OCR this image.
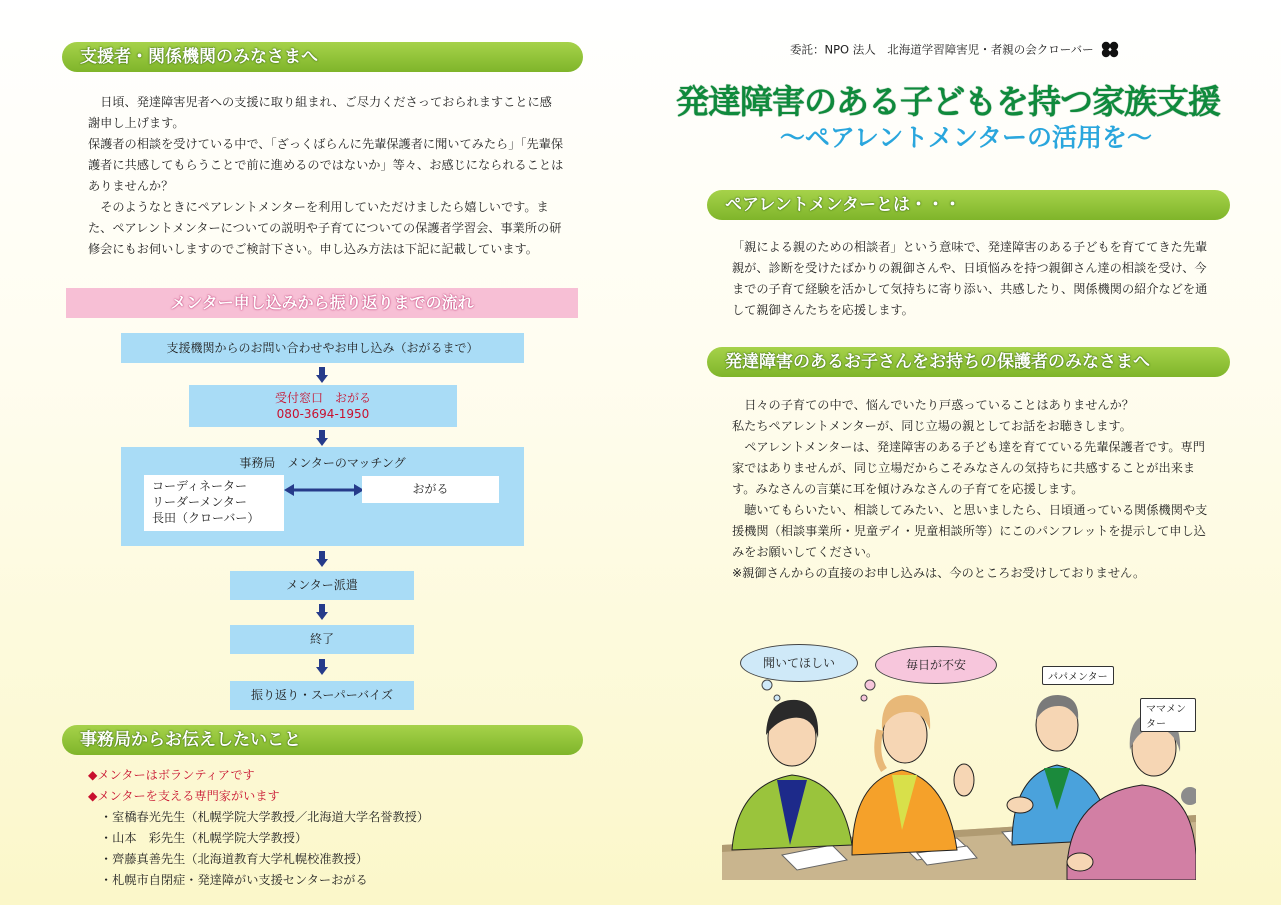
支援者・関係機関のみなさまへ

日頃、発達障害児者への支援に取り組まれ、ご尽力くださっておられますことに感謝申し上げます。

保護者の相談を受けている中で、「ざっくばらんに先輩保護者に聞いてみたら」「先輩保護者に共感してもらうことで前に進めるのではないか」等々、お感じになられることはありませんか？

そのようなときにペアレントメンターを利用していただけましたら嬉しいです。また、ペアレントメンターについての説明や子育てについての保護者学習会、事業所の研修会にもお伺いしますのでご検討下さい。申し込み方法は下記に記載しています。

メンター申し込みから振り返りまでの流れ
支援機関からのお問い合わせやお申し込み（おがるまで）
受付窓口　おがる
080-3694-1950
事務局　メンターのマッチング
コーディネーター
リーダーメンター
長田（クローバー）
おがる
メンター派遣
終了
振り返り・スーパーバイズ
事務局からお伝えしたいこと
◆メンターはボランティアです
◆メンターを支える専門家がいます
・室橋春光先生（札幌学院大学教授／北海道大学名誉教授）
・山本　彩先生（札幌学院大学教授）
・齊藤真善先生（北海道教育大学札幌校准教授）
・札幌市自閉症・発達障がい支援センターおがる
委託：NPO 法人　北海道学習障害児・者親の会クローバー
発達障害のある子どもを持つ家族支援
〜ペアレントメンターの活用を〜
ペアレントメンターとは・・・

「親による親のための相談者」という意味で、発達障害のある子どもを育ててきた先輩親が、診断を受けたばかりの親御さんや、日頃悩みを持つ親御さん達の相談を受け、今までの子育て経験を活かして気持ちに寄り添い、共感したり、関係機関の紹介などを通して親御さんたちを応援します。

発達障害のあるお子さんをお持ちの保護者のみなさまへ

日々の子育ての中で、悩んでいたり戸惑っていることはありませんか？

私たちペアレントメンターが、同じ立場の親としてお話をお聴きします。

ペアレントメンターは、発達障害のある子ども達を育てている先輩保護者です。専門家ではありませんが、同じ立場だからこそみなさんの気持ちに共感することが出来ます。みなさんの言葉に耳を傾けみなさんの子育てを応援します。

聴いてもらいたい、相談してみたい、と思いましたら、日頃通っている関係機関や支援機関（相談事業所・児童デイ・児童相談所等）にこのパンフレットを提示して申し込みをお願いしてください。

※親御さんからの直接のお申し込みは、今のところお受けしておりません。

聞いてほしい	毎日が不安
パパメンター
ママメンター
